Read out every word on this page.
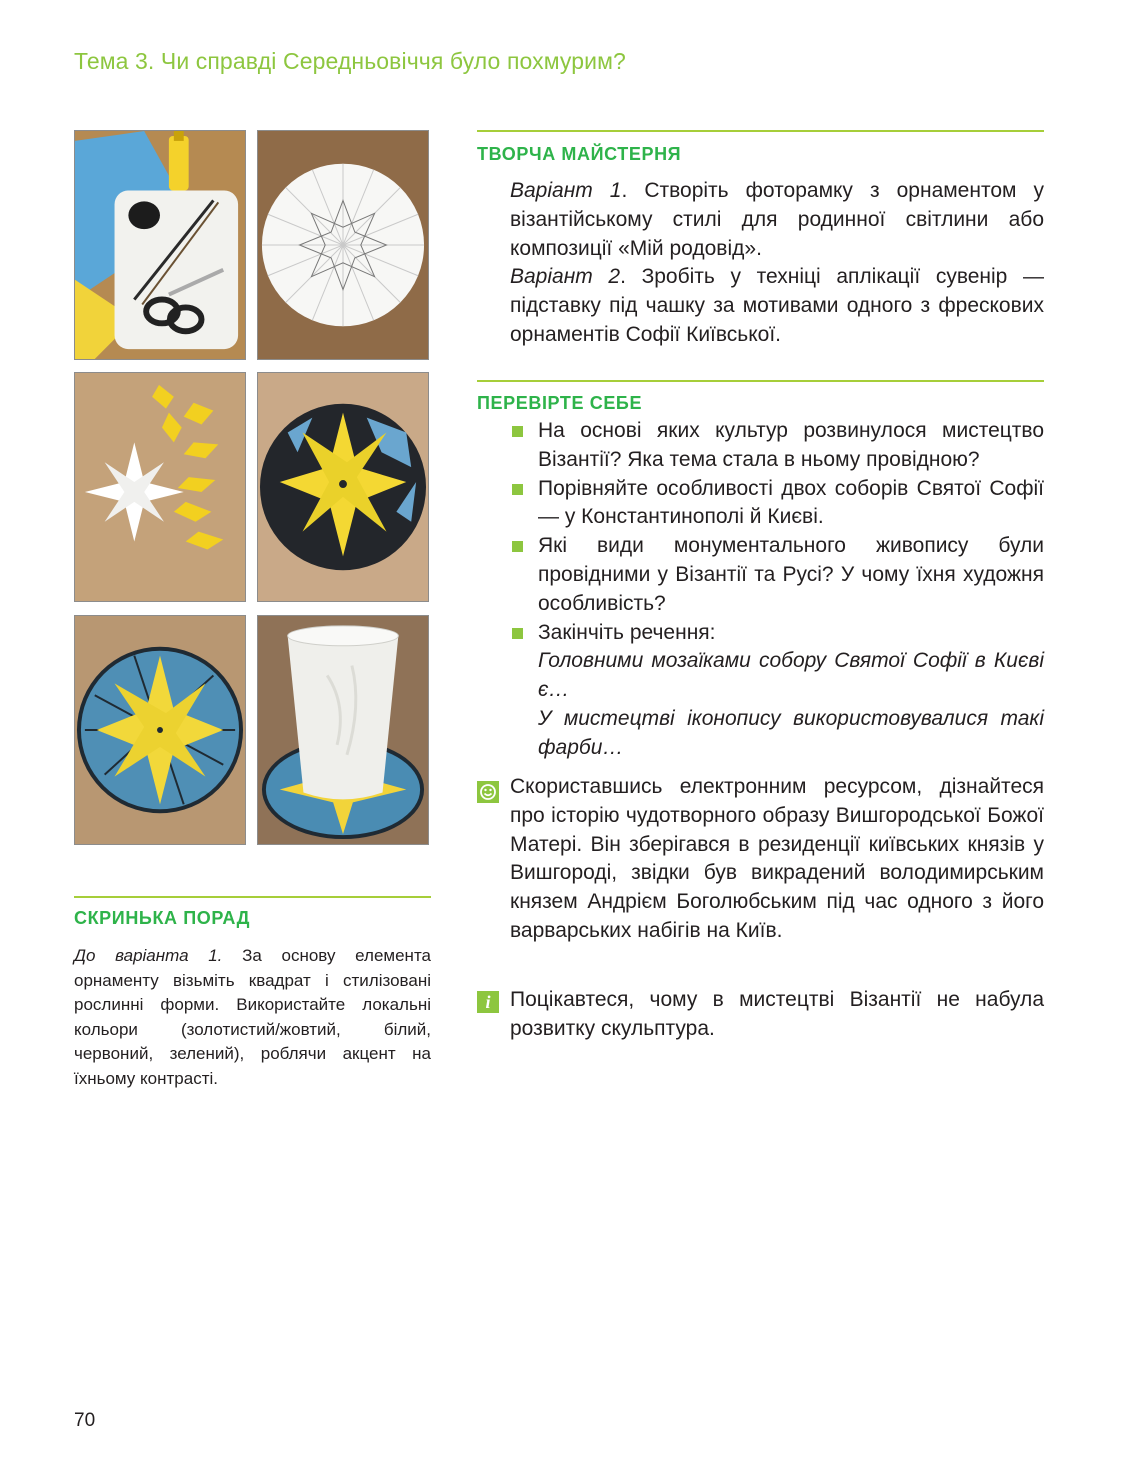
Тема 3. Чи справді Середньовіччя було похмурим?
ТВОРЧА МАЙСТЕРНЯ

Варіант 1. Створіть фоторамку з орнаментом у візантійському стилі для родинної світлини або композиції «Мій родовід».

Варіант 2. Зробіть у техніці аплікації сувенір — підставку під чашку за мотивами одного з фрескових орнаментів Софії Київської.

ПЕРЕВІРТЕ СЕБЕ
На основі яких культур розвинулося мистецтво Візантії? Яка тема стала в ньому провідною?
Порівняйте особливості двох соборів Святої Софії — у Константинополі й Києві.
Які види монументального живопису були провідними у Візантії та Русі? У чому їхня художня особливість?
Закінчіть речення:
Головними мозаїками собору Святої Софії в Києві є…
У мистецтві іконопису використовувалися такі фарби…
Скориставшись електронним ресурсом, дізнайтеся про історію чудотворного образу Вишгородської Божої Матері. Він зберігався в резиденції київських князів у Вишгороді, звідки був викрадений володимирським князем Андрієм Боголюбським під час одного з його варварських набігів на Київ.
i Поцікавтеся, чому в мистецтві Візантії не набула розвитку скульптура.
СКРИНЬКА ПОРАД
До варіанта 1. За основу елемента орнаменту візьміть квадрат і стилізовані рослинні форми. Використайте локальні кольори (золотистий/жовтий, білий, червоний, зелений), роблячи акцент на їхньому контрасті.
70
